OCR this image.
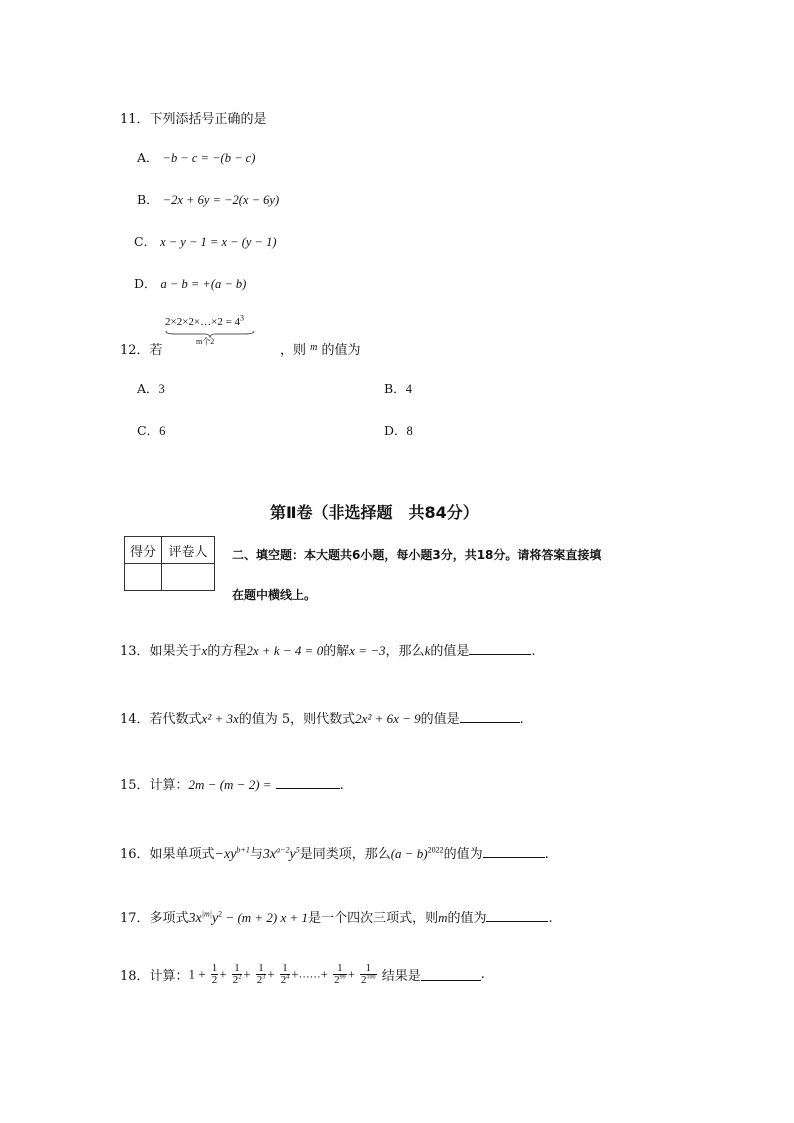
11．下列添括号正确的是
A． −b − c = −(b − c)
B． −2x + 6y = −2(x − 6y)
C． x − y − 1 = x − (y − 1)
D． a − b = +(a − b)
2×2×2×…×2 = $4^3$
m个2
12．若	，则 $^m$ 的值为
A．3	B．4
C．6	D．8
第Ⅱ卷（非选择题　共84分）
得分	评卷人
	二、填空题：本大题共6小题，每小题3分，共18分。请将答案直接填
在题中横线上。
13．如果关于x的方程2x + k − 4 = 0的解x = −3，那么k的值是	.
14．若代数式x² + 3x的值为 5，则代数式2x² + 6x − 9的值是	.
15．计算：2m − (m − 2) =	.
16．如果单项式$-xy^{b+1}$与$3x^{a-2}y^5$是同类项，那么$(a - b)^{2022}$的值为	.
17．多项式$3x^{|m|}y^2 - (m + 2) x + 1$是一个四次三项式，则m的值为	.
18．计算：$1 + \frac{1}{2} + \frac{1}{2^2} + \frac{1}{2^3} + \frac{1}{2^4}$ +……+ $\frac{1}{2^{99}} + \frac{1}{2^{100}}$ 结果是	.
